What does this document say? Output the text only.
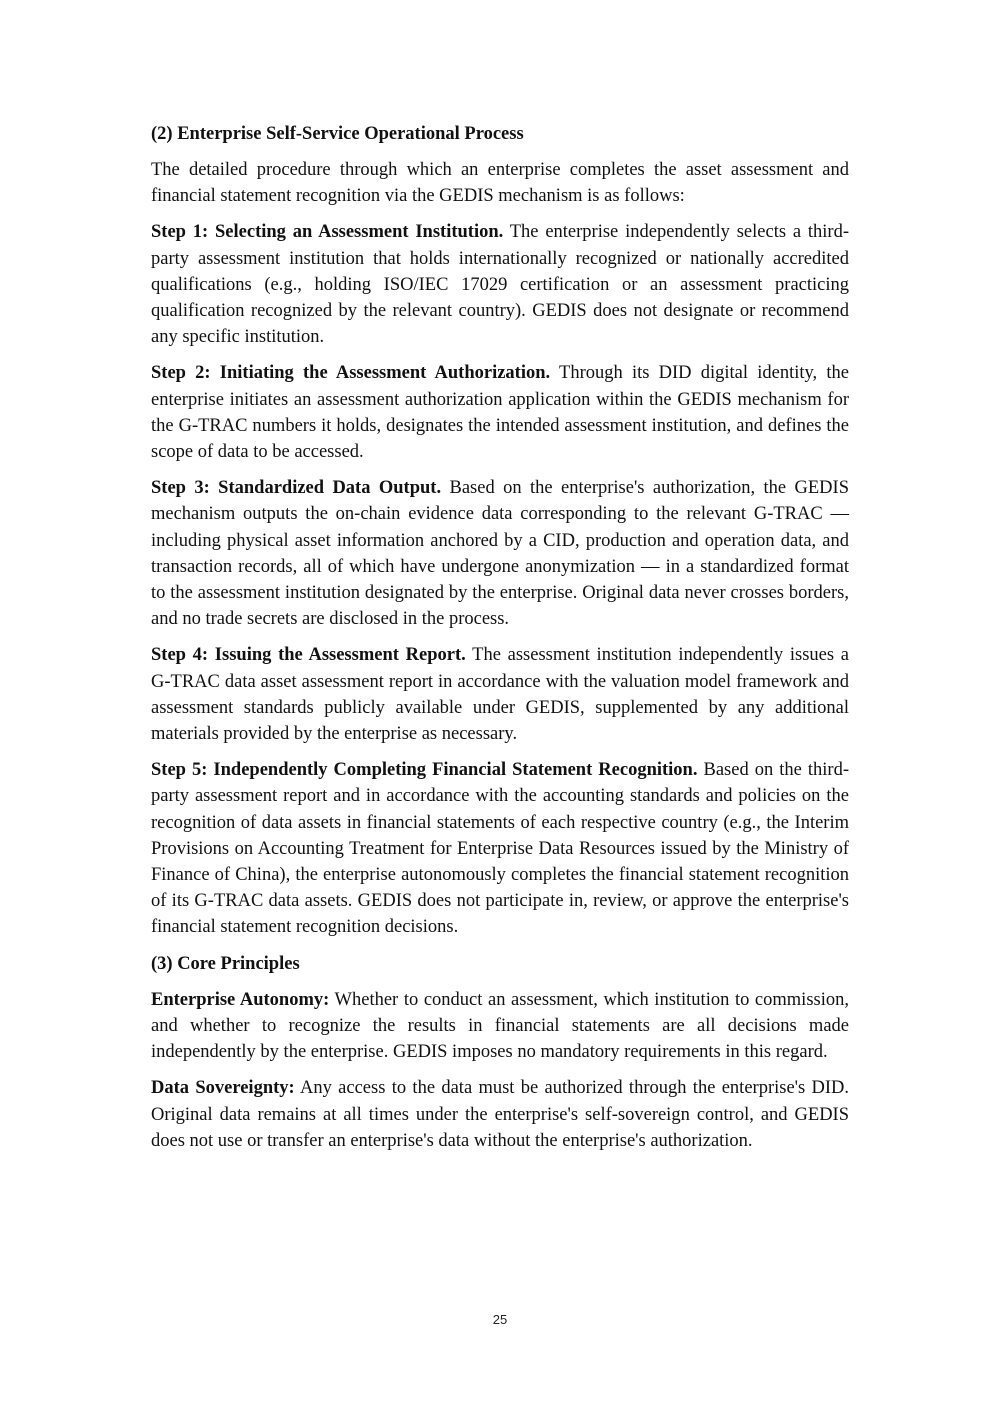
(2) Enterprise Self-Service Operational Process

The detailed procedure through which an enterprise completes the asset assessment and financial statement recognition via the GEDIS mechanism is as follows:

Step 1: Selecting an Assessment Institution. The enterprise independently selects a third-party assessment institution that holds internationally recognized or nationally accredited qualifications (e.g., holding ISO/IEC 17029 certification or an assessment practicing qualification recognized by the relevant country). GEDIS does not designate or recommend any specific institution.

Step 2: Initiating the Assessment Authorization. Through its DID digital identity, the enterprise initiates an assessment authorization application within the GEDIS mechanism for the G-TRAC numbers it holds, designates the intended assessment institution, and defines the scope of data to be accessed.

Step 3: Standardized Data Output. Based on the enterprise's authorization, the GEDIS mechanism outputs the on-chain evidence data corresponding to the relevant G-TRAC — including physical asset information anchored by a CID, production and operation data, and transaction records, all of which have undergone anonymization — in a standardized format to the assessment institution designated by the enterprise. Original data never crosses borders, and no trade secrets are disclosed in the process.

Step 4: Issuing the Assessment Report. The assessment institution independently issues a G-TRAC data asset assessment report in accordance with the valuation model framework and assessment standards publicly available under GEDIS, supplemented by any additional materials provided by the enterprise as necessary.

Step 5: Independently Completing Financial Statement Recognition. Based on the third-party assessment report and in accordance with the accounting standards and policies on the recognition of data assets in financial statements of each respective country (e.g., the Interim Provisions on Accounting Treatment for Enterprise Data Resources issued by the Ministry of Finance of China), the enterprise autonomously completes the financial statement recognition of its G-TRAC data assets. GEDIS does not participate in, review, or approve the enterprise's financial statement recognition decisions.

(3) Core Principles

Enterprise Autonomy: Whether to conduct an assessment, which institution to commission, and whether to recognize the results in financial statements are all decisions made independently by the enterprise. GEDIS imposes no mandatory requirements in this regard.

Data Sovereignty: Any access to the data must be authorized through the enterprise's DID. Original data remains at all times under the enterprise's self-sovereign control, and GEDIS does not use or transfer an enterprise's data without the enterprise's authorization.

25
